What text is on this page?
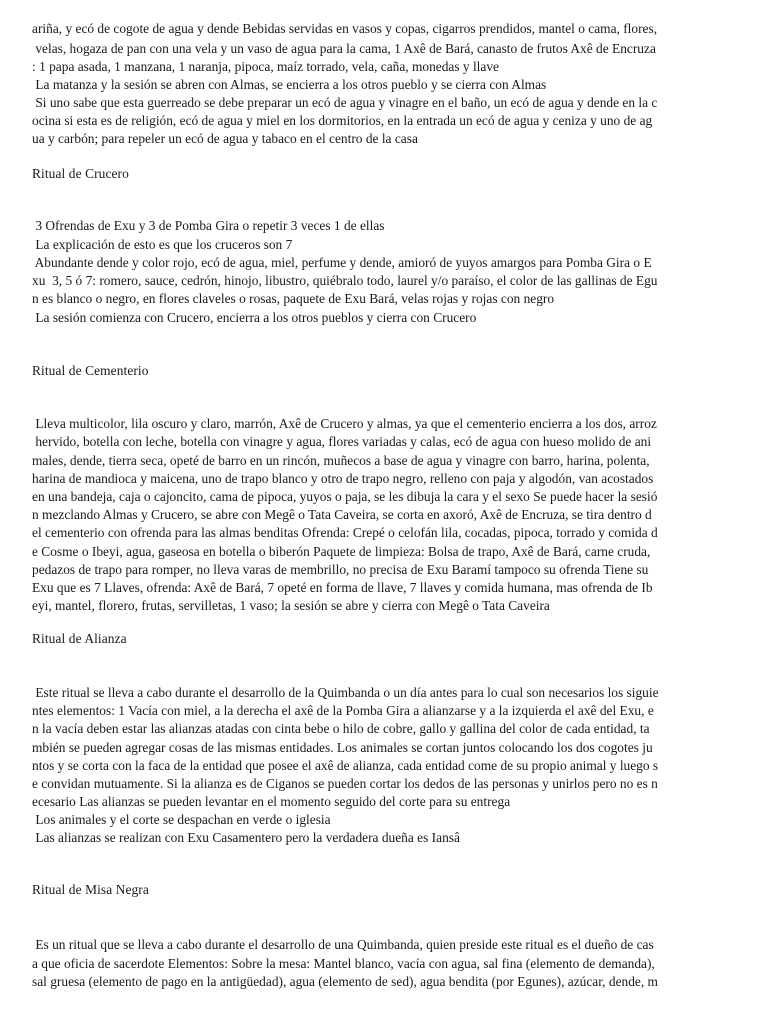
ariña, y ecó de cogote de agua y dende Bebidas servidas en vasos y copas, cigarros prendidos, mantel o cama, flores,
velas, hogaza de pan con una vela y un vaso de agua para la cama, 1 Axê de Bará, canasto de frutos Axê de Encruza
: 1 papa asada, 1 manzana, 1 naranja, pipoca, maíz torrado, vela, caña, monedas y llave
La matanza y la sesión se abren con Almas, se encierra a los otros pueblo y se cierra con Almas
Si uno sabe que esta guerreado se debe preparar un ecó de agua y vinagre en el baño, un ecó de agua y dende en la c
ocina si esta es de religión, ecó de agua y miel en los dormitorios, en la entrada un ecó de agua y ceniza y uno de ag
ua y carbón; para repeler un ecó de agua y tabaco en el centro de la casa
Ritual de Crucero
3 Ofrendas de Exu y 3 de Pomba Gira o repetir 3 veces 1 de ellas
La explicación de esto es que los cruceros son 7
Abundante dende y color rojo, ecó de agua, miel, perfume y dende, amioró de yuyos amargos para Pomba Gira o E
xu  3, 5 ó 7: romero, sauce, cedrón, hinojo, libustro, quiébralo todo, laurel y/o paraíso, el color de las gallinas de Egu
n es blanco o negro, en flores claveles o rosas, paquete de Exu Bará, velas rojas y rojas con negro
La sesión comienza con Crucero, encierra a los otros pueblos y cierra con Crucero
Ritual de Cementerio
Lleva multicolor, lila oscuro y claro, marrón, Axê de Crucero y almas, ya que el cementerio encierra a los dos, arroz
hervido, botella con leche, botella con vinagre y agua, flores variadas y calas, ecó de agua con hueso molido de ani
males, dende, tierra seca, opeté de barro en un rincón, muñecos a base de agua y vinagre con barro, harina, polenta,
harina de mandioca y maicena, uno de trapo blanco y otro de trapo negro, relleno con paja y algodón, van acostados
en una bandeja, caja o cajoncito, cama de pipoca, yuyos o paja, se les dibuja la cara y el sexo Se puede hacer la sesió
n mezclando Almas y Crucero, se abre con Megê o Tata Caveira, se corta en axoró, Axê de Encruza, se tira dentro d
el cementerio con ofrenda para las almas benditas Ofrenda: Crepé o celofán lila, cocadas, pipoca, torrado y comida d
e Cosme o Ibeyi, agua, gaseosa en botella o biberón Paquete de limpieza: Bolsa de trapo, Axê de Bará, carne cruda,
pedazos de trapo para romper, no lleva varas de membrillo, no precisa de Exu Baramí tampoco su ofrenda Tiene su
Exu que es 7 Llaves, ofrenda: Axê de Bará, 7 opeté en forma de llave, 7 llaves y comida humana, mas ofrenda de Ib
eyi, mantel, florero, frutas, servilletas, 1 vaso; la sesión se abre y cierra con Megê o Tata Caveira
Ritual de Alianza
Este ritual se lleva a cabo durante el desarrollo de la Quimbanda o un día antes para lo cual son necesarios los siguie
ntes elementos: 1 Vacía con miel, a la derecha el axê de la Pomba Gira a alianzarse y a la izquierda el axê del Exu, e
n la vacía deben estar las alianzas atadas con cinta bebe o hilo de cobre, gallo y gallina del color de cada entidad, ta
mbién se pueden agregar cosas de las mismas entidades. Los animales se cortan juntos colocando los dos cogotes ju
ntos y se corta con la faca de la entidad que posee el axê de alianza, cada entidad come de su propio animal y luego s
e convidan mutuamente. Si la alianza es de Ciganos se pueden cortar los dedos de las personas y unirlos pero no es n
ecesario Las alianzas se pueden levantar en el momento seguido del corte para su entrega
Los animales y el corte se despachan en verde o iglesia
Las alianzas se realizan con Exu Casamentero pero la verdadera dueña es Iansâ
Ritual de Misa Negra
Es un ritual que se lleva a cabo durante el desarrollo de una Quimbanda, quien preside este ritual es el dueño de cas
a que oficia de sacerdote Elementos: Sobre la mesa: Mantel blanco, vacía con agua, sal fina (elemento de demanda),
sal gruesa (elemento de pago en la antigüedad), agua (elemento de sed), agua bendita (por Egunes), azúcar, dende, m
